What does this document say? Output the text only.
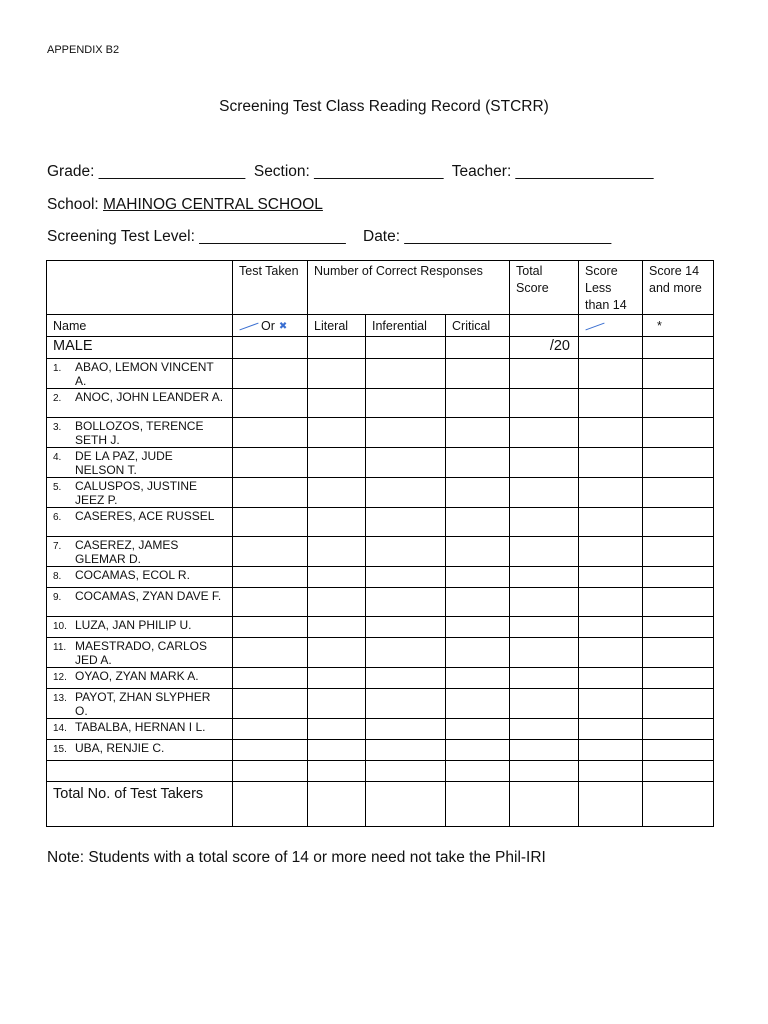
APPENDIX B2
Screening Test Class Reading Record (STCRR)
Grade: _________________  Section: _______________  Teacher: ________________
School: MAHINOG CENTRAL SCHOOL
Screening Test Level: _________________    Date: ________________________

	Test Taken	Number of Correct Responses			Total Score	Score Less than 14	Score 14 and more

Name	Or ✖	Literal	Inferential	Critical			*
MALE					/20		
1. ABAO, LEMON VINCENT A.							
2. ANOC, JOHN LEANDER A.							
3. BOLLOZOS, TERENCE SETH J.							
4. DE LA PAZ, JUDE NELSON T.							
5. CALUSPOS, JUSTINE JEEZ P.							
6. CASERES, ACE RUSSEL							
7. CASEREZ, JAMES GLEMAR D.							
8. COCAMAS, ECOL R.							
9. COCAMAS, ZYAN DAVE F.							
10. LUZA, JAN PHILIP U.							
11. MAESTRADO, CARLOS JED A.							
12. OYAO, ZYAN MARK A.							
13. PAYOT, ZHAN SLYPHER O.							
14. TABALBA, HERNAN I L.							
15. UBA, RENJIE C.							

Total No. of Test Takers							
Note: Students with a total score of 14 or more need not take the Phil-IRI
